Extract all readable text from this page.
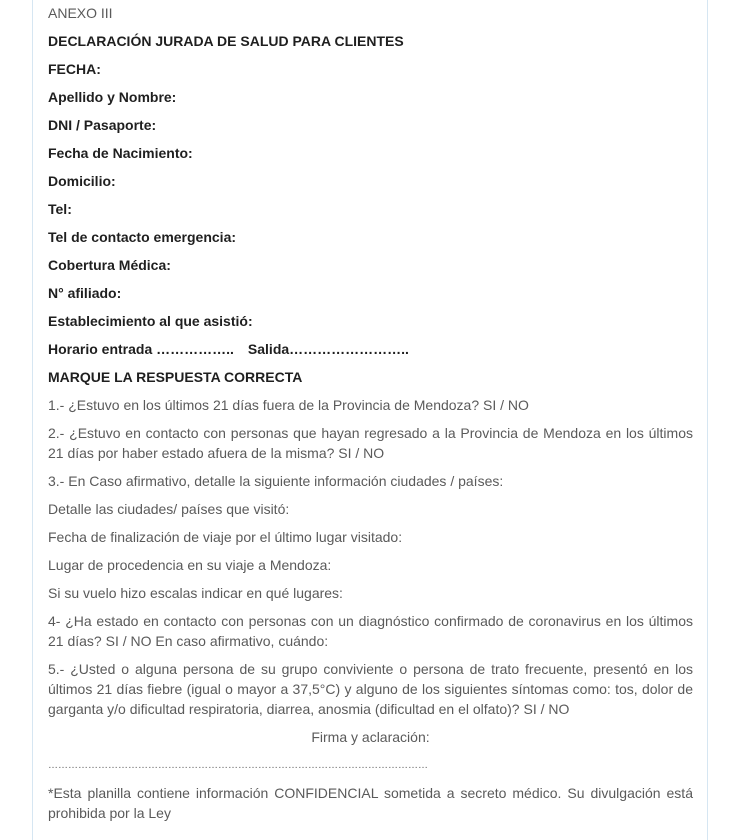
ANEXO III
DECLARACIÓN JURADA DE SALUD PARA CLIENTES
FECHA:
Apellido y Nombre:
DNI / Pasaporte:
Fecha de Nacimiento:
Domicilio:
Tel:
Tel de contacto emergencia:
Cobertura Médica:
N° afiliado:
Establecimiento al que asistió:
Horario entrada …………….. Salida……………………..
MARQUE LA RESPUESTA CORRECTA
1.- ¿Estuvo en los últimos 21 días fuera de la Provincia de Mendoza? SI / NO
2.- ¿Estuvo en contacto con personas que hayan regresado a la Provincia de Mendoza en los últimos 21 días por haber estado afuera de la misma? SI / NO
3.- En Caso afirmativo, detalle la siguiente información ciudades / países:
Detalle las ciudades/ países que visitó:
Fecha de finalización de viaje por el último lugar visitado:
Lugar de procedencia en su viaje a Mendoza:
Si su vuelo hizo escalas indicar en qué lugares:
4- ¿Ha estado en contacto con personas con un diagnóstico confirmado de coronavirus en los últimos 21 días? SI / NO En caso afirmativo, cuándo:
5.- ¿Usted o alguna persona de su grupo conviviente o persona de trato frecuente, presentó en los últimos 21 días fiebre (igual o mayor a 37,5°C) y alguno de los siguientes síntomas como: tos, dolor de garganta y/o dificultad respiratoria, diarrea, anosmia (dificultad en el olfato)? SI / NO
Firma y aclaración:
……………………………………………………………………………………………………
*Esta planilla contiene información CONFIDENCIAL sometida a secreto médico. Su divulgación está prohibida por la Ley
